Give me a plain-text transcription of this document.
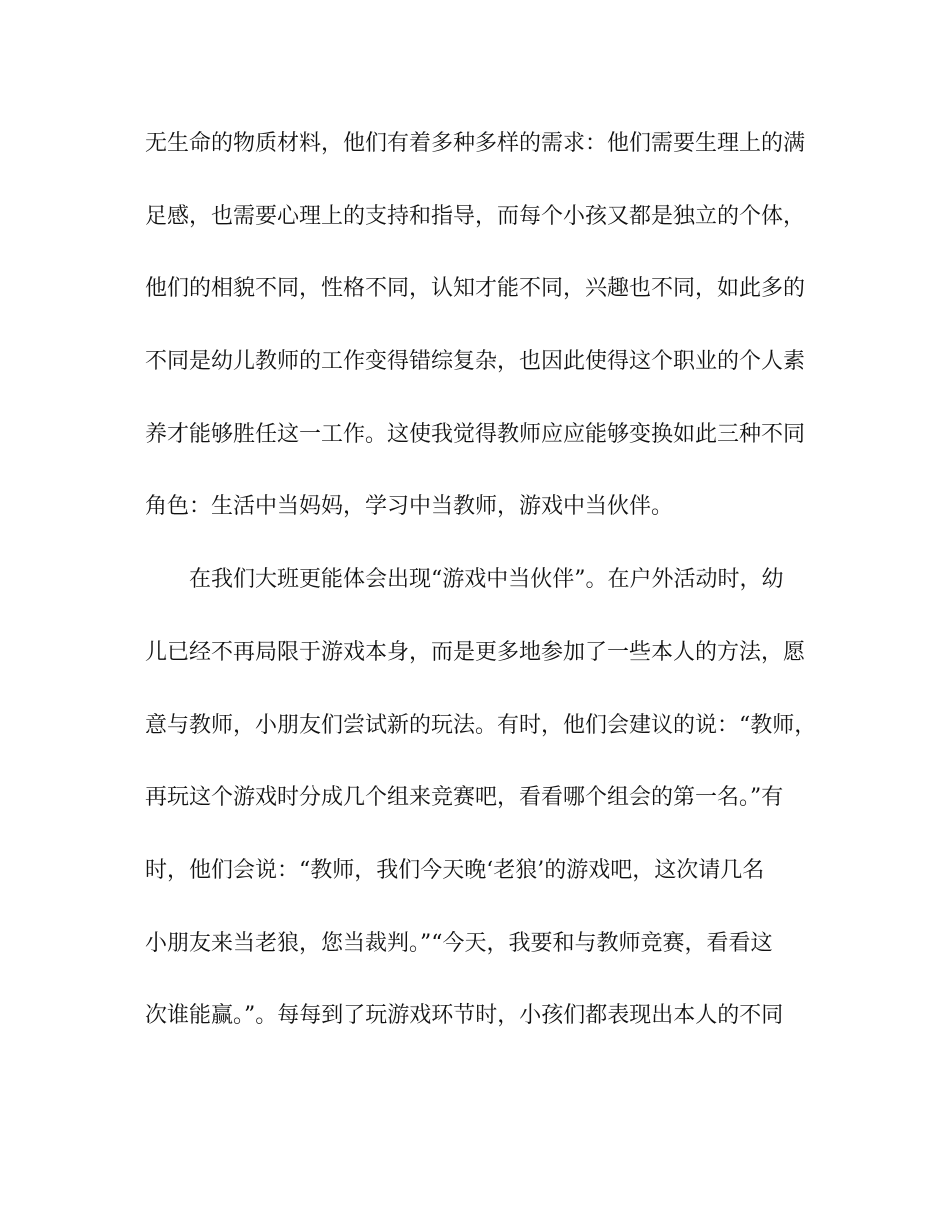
无生命的物质材料，他们有着多种多样的需求：他们需要生理上的满
足感，也需要心理上的支持和指导，而每个小孩又都是独立的个体，
他们的相貌不同，性格不同，认知才能不同，兴趣也不同，如此多的
不同是幼儿教师的工作变得错综复杂，也因此使得这个职业的个人素
养才能够胜任这一工作。这使我觉得教师应应能够变换如此三种不同
角色：生活中当妈妈，学习中当教师，游戏中当伙伴。
在我们大班更能体会出现“游戏中当伙伴”。在户外活动时，幼
儿已经不再局限于游戏本身，而是更多地参加了一些本人的方法，愿
意与教师，小朋友们尝试新的玩法。有时，他们会建议的说：“教师，
再玩这个游戏时分成几个组来竞赛吧，看看哪个组会的第一名。”有
时，他们会说：“教师，我们今天晚‘老狼’的游戏吧，这次请几名
小朋友来当老狼，您当裁判。”“今天，我要和与教师竞赛，看看这
次谁能赢。”。每每到了玩游戏环节时，小孩们都表现出本人的不同
